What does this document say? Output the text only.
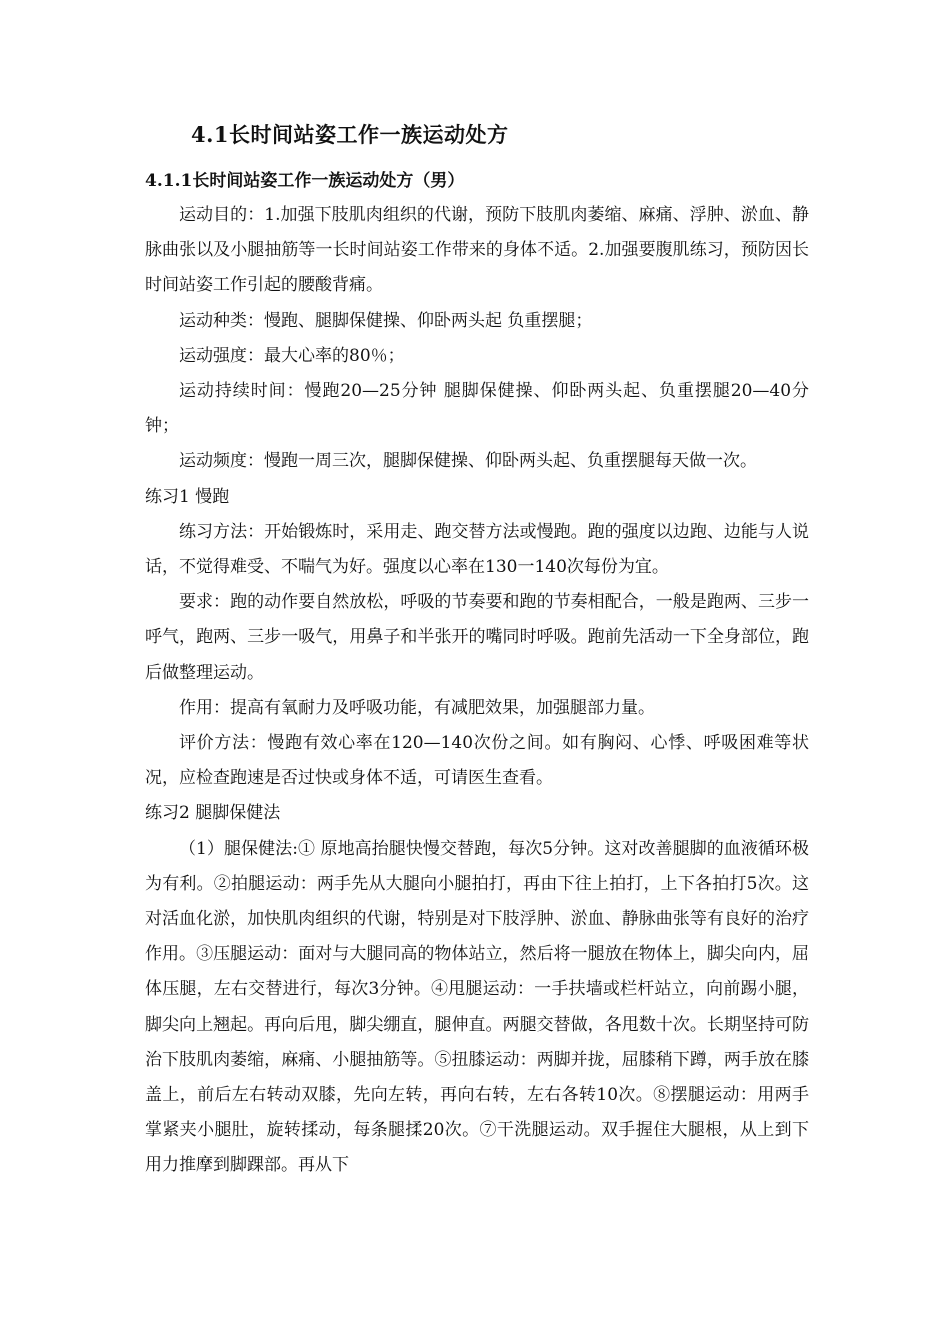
4.1长时间站姿工作一族运动处方
4.1.1长时间站姿工作一族运动处方（男）

运动目的：1.加强下肢肌肉组织的代谢，预防下肢肌肉萎缩、麻痛、浮肿、淤血、静脉曲张以及小腿抽筋等一长时间站姿工作带来的身体不适。2.加强要腹肌练习，预防因长时间站姿工作引起的腰酸背痛。

运动种类：慢跑、腿脚保健操、仰卧两头起 负重摆腿；

运动强度：最大心率的80％；

运动持续时间：慢跑20—25分钟 腿脚保健操、仰卧两头起、负重摆腿20—40分钟；

运动频度：慢跑一周三次，腿脚保健操、仰卧两头起、负重摆腿每天做一次。

练习1 慢跑

练习方法：开始锻炼时，采用走、跑交替方法或慢跑。跑的强度以边跑、边能与人说话，不觉得难受、不喘气为好。强度以心率在130一140次每份为宜。

要求：跑的动作要自然放松，呼吸的节奏要和跑的节奏相配合，一般是跑两、三步一呼气，跑两、三步一吸气，用鼻子和半张开的嘴同时呼吸。跑前先活动一下全身部位，跑后做整理运动。

作用：提高有氧耐力及呼吸功能，有减肥效果，加强腿部力量。

评价方法：慢跑有效心率在120—140次份之间。如有胸闷、心悸、呼吸困难等状况，应检查跑速是否过快或身体不适，可请医生查看。

练习2 腿脚保健法

（1）腿保健法:① 原地高抬腿快慢交替跑，每次5分钟。这对改善腿脚的血液循环极为有利。②拍腿运动：两手先从大腿向小腿拍打，再由下往上拍打，上下各拍打5次。这对活血化淤，加快肌肉组织的代谢，特别是对下肢浮肿、淤血、静脉曲张等有良好的治疗作用。③压腿运动：面对与大腿同高的物体站立，然后将一腿放在物体上，脚尖向内，屈体压腿，左右交替进行，每次3分钟。④甩腿运动：一手扶墙或栏杆站立，向前踢小腿，脚尖向上翘起。再向后甩，脚尖绷直，腿伸直。两腿交替做，各甩数十次。长期坚持可防治下肢肌肉萎缩，麻痛、小腿抽筋等。⑤扭膝运动：两脚并拢，屈膝稍下蹲，两手放在膝盖上，前后左右转动双膝，先向左转，再向右转，左右各转10次。⑧摆腿运动：用两手掌紧夹小腿肚，旋转揉动，每条腿揉20次。⑦干洗腿运动。双手握住大腿根，从上到下用力推摩到脚踝部。再从下
